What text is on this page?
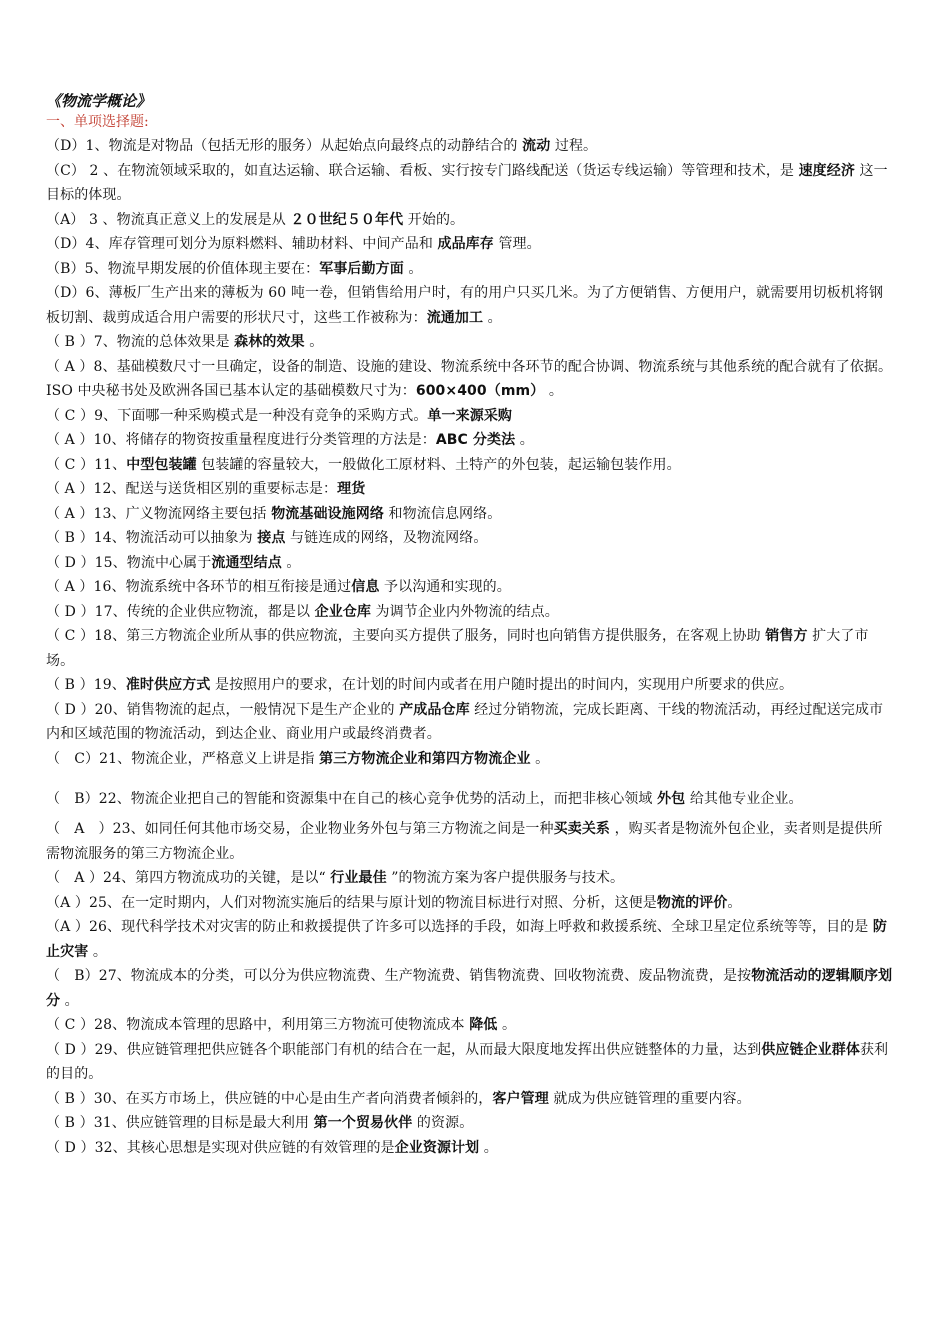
《物流学概论》
一、单项选择题:
（D）1、物流是对物品（包括无形的服务）从起始点向最终点的动静结合的 流动 过程。
（C） 2 、在物流领域采取的，如直达运输、联合运输、看板、实行按专门路线配送（货运专线运输）等管理和技术，是 速度经济 这一目标的体现。
（A） 3 、物流真正意义上的发展是从 ２０世纪５０年代 开始的。
（D）4、库存管理可划分为原料燃料、辅助材料、中间产品和 成品库存 管理。
（B）5、物流早期发展的价值体现主要在：军事后勤方面 。
（D）6、薄板厂生产出来的薄板为 60 吨一卷，但销售给用户时，有的用户只买几米。为了方便销售、方便用户，就需要用切板机将钢板切割、裁剪成适合用户需要的形状尺寸，这些工作被称为：流通加工 。
（ B ）7、物流的总体效果是 森林的效果 。
（ A ）8、基础模数尺寸一旦确定，设备的制造、设施的建设、物流系统中各环节的配合协调、物流系统与其他系统的配合就有了依据。ISO 中央秘书处及欧洲各国已基本认定的基础模数尺寸为：600×400（mm） 。
（ C ）9、下面哪一种采购模式是一种没有竞争的采购方式。单一来源采购
（ A ）10、将储存的物资按重量程度进行分类管理的方法是：ABC 分类法 。
（ C ）11、中型包装罐 包装罐的容量较大，一般做化工原材料、土特产的外包装，起运输包装作用。
（ A ）12、配送与送货相区别的重要标志是：理货
（ A ）13、广义物流网络主要包括 物流基础设施网络 和物流信息网络。
（ B ）14、物流活动可以抽象为 接点 与链连成的网络，及物流网络。
（ D ）15、物流中心属于流通型结点 。
（ A ）16、物流系统中各环节的相互衔接是通过信息 予以沟通和实现的。
（ D ）17、传统的企业供应物流，都是以 企业仓库 为调节企业内外物流的结点。
（ C ）18、第三方物流企业所从事的供应物流，主要向买方提供了服务，同时也向销售方提供服务，在客观上协助 销售方 扩大了市场。
（ B ）19、准时供应方式 是按照用户的要求，在计划的时间内或者在用户随时提出的时间内，实现用户所要求的供应。
（ D ）20、销售物流的起点，一般情况下是生产企业的 产成品仓库 经过分销物流，完成长距离、干线的物流活动，再经过配送完成市内和区域范围的物流活动，到达企业、商业用户或最终消费者。
（　C）21、物流企业，严格意义上讲是指 第三方物流企业和第四方物流企业 。
（　B）22、物流企业把自己的智能和资源集中在自己的核心竞争优势的活动上，而把非核心领域 外包 给其他专业企业。
（　A　）23、如同任何其他市场交易，企业物业务外包与第三方物流之间是一种买卖关系 ，购买者是物流外包企业，卖者则是提供所需物流服务的第三方物流企业。
（　A ）24、第四方物流成功的关键，是以“ 行业最佳 ”的物流方案为客户提供服务与技术。
（A ）25、在一定时期内，人们对物流实施后的结果与原计划的物流目标进行对照、分析，这便是物流的评价。
（A ）26、现代科学技术对灾害的防止和救援提供了许多可以选择的手段，如海上呼救和救援系统、全球卫星定位系统等等，目的是 防止灾害 。
（　B）27、物流成本的分类，可以分为供应物流费、生产物流费、销售物流费、回收物流费、废品物流费，是按物流活动的逻辑顺序划分 。
（ C ）28、物流成本管理的思路中，利用第三方物流可使物流成本 降低 。
（ D ）29、供应链管理把供应链各个职能部门有机的结合在一起，从而最大限度地发挥出供应链整体的力量，达到供应链企业群体获利的目的。
（ B ）30、在买方市场上，供应链的中心是由生产者向消费者倾斜的，客户管理 就成为供应链管理的重要内容。
（ B ）31、供应链管理的目标是最大利用 第一个贸易伙伴 的资源。
（ D ）32、其核心思想是实现对供应链的有效管理的是企业资源计划 。
